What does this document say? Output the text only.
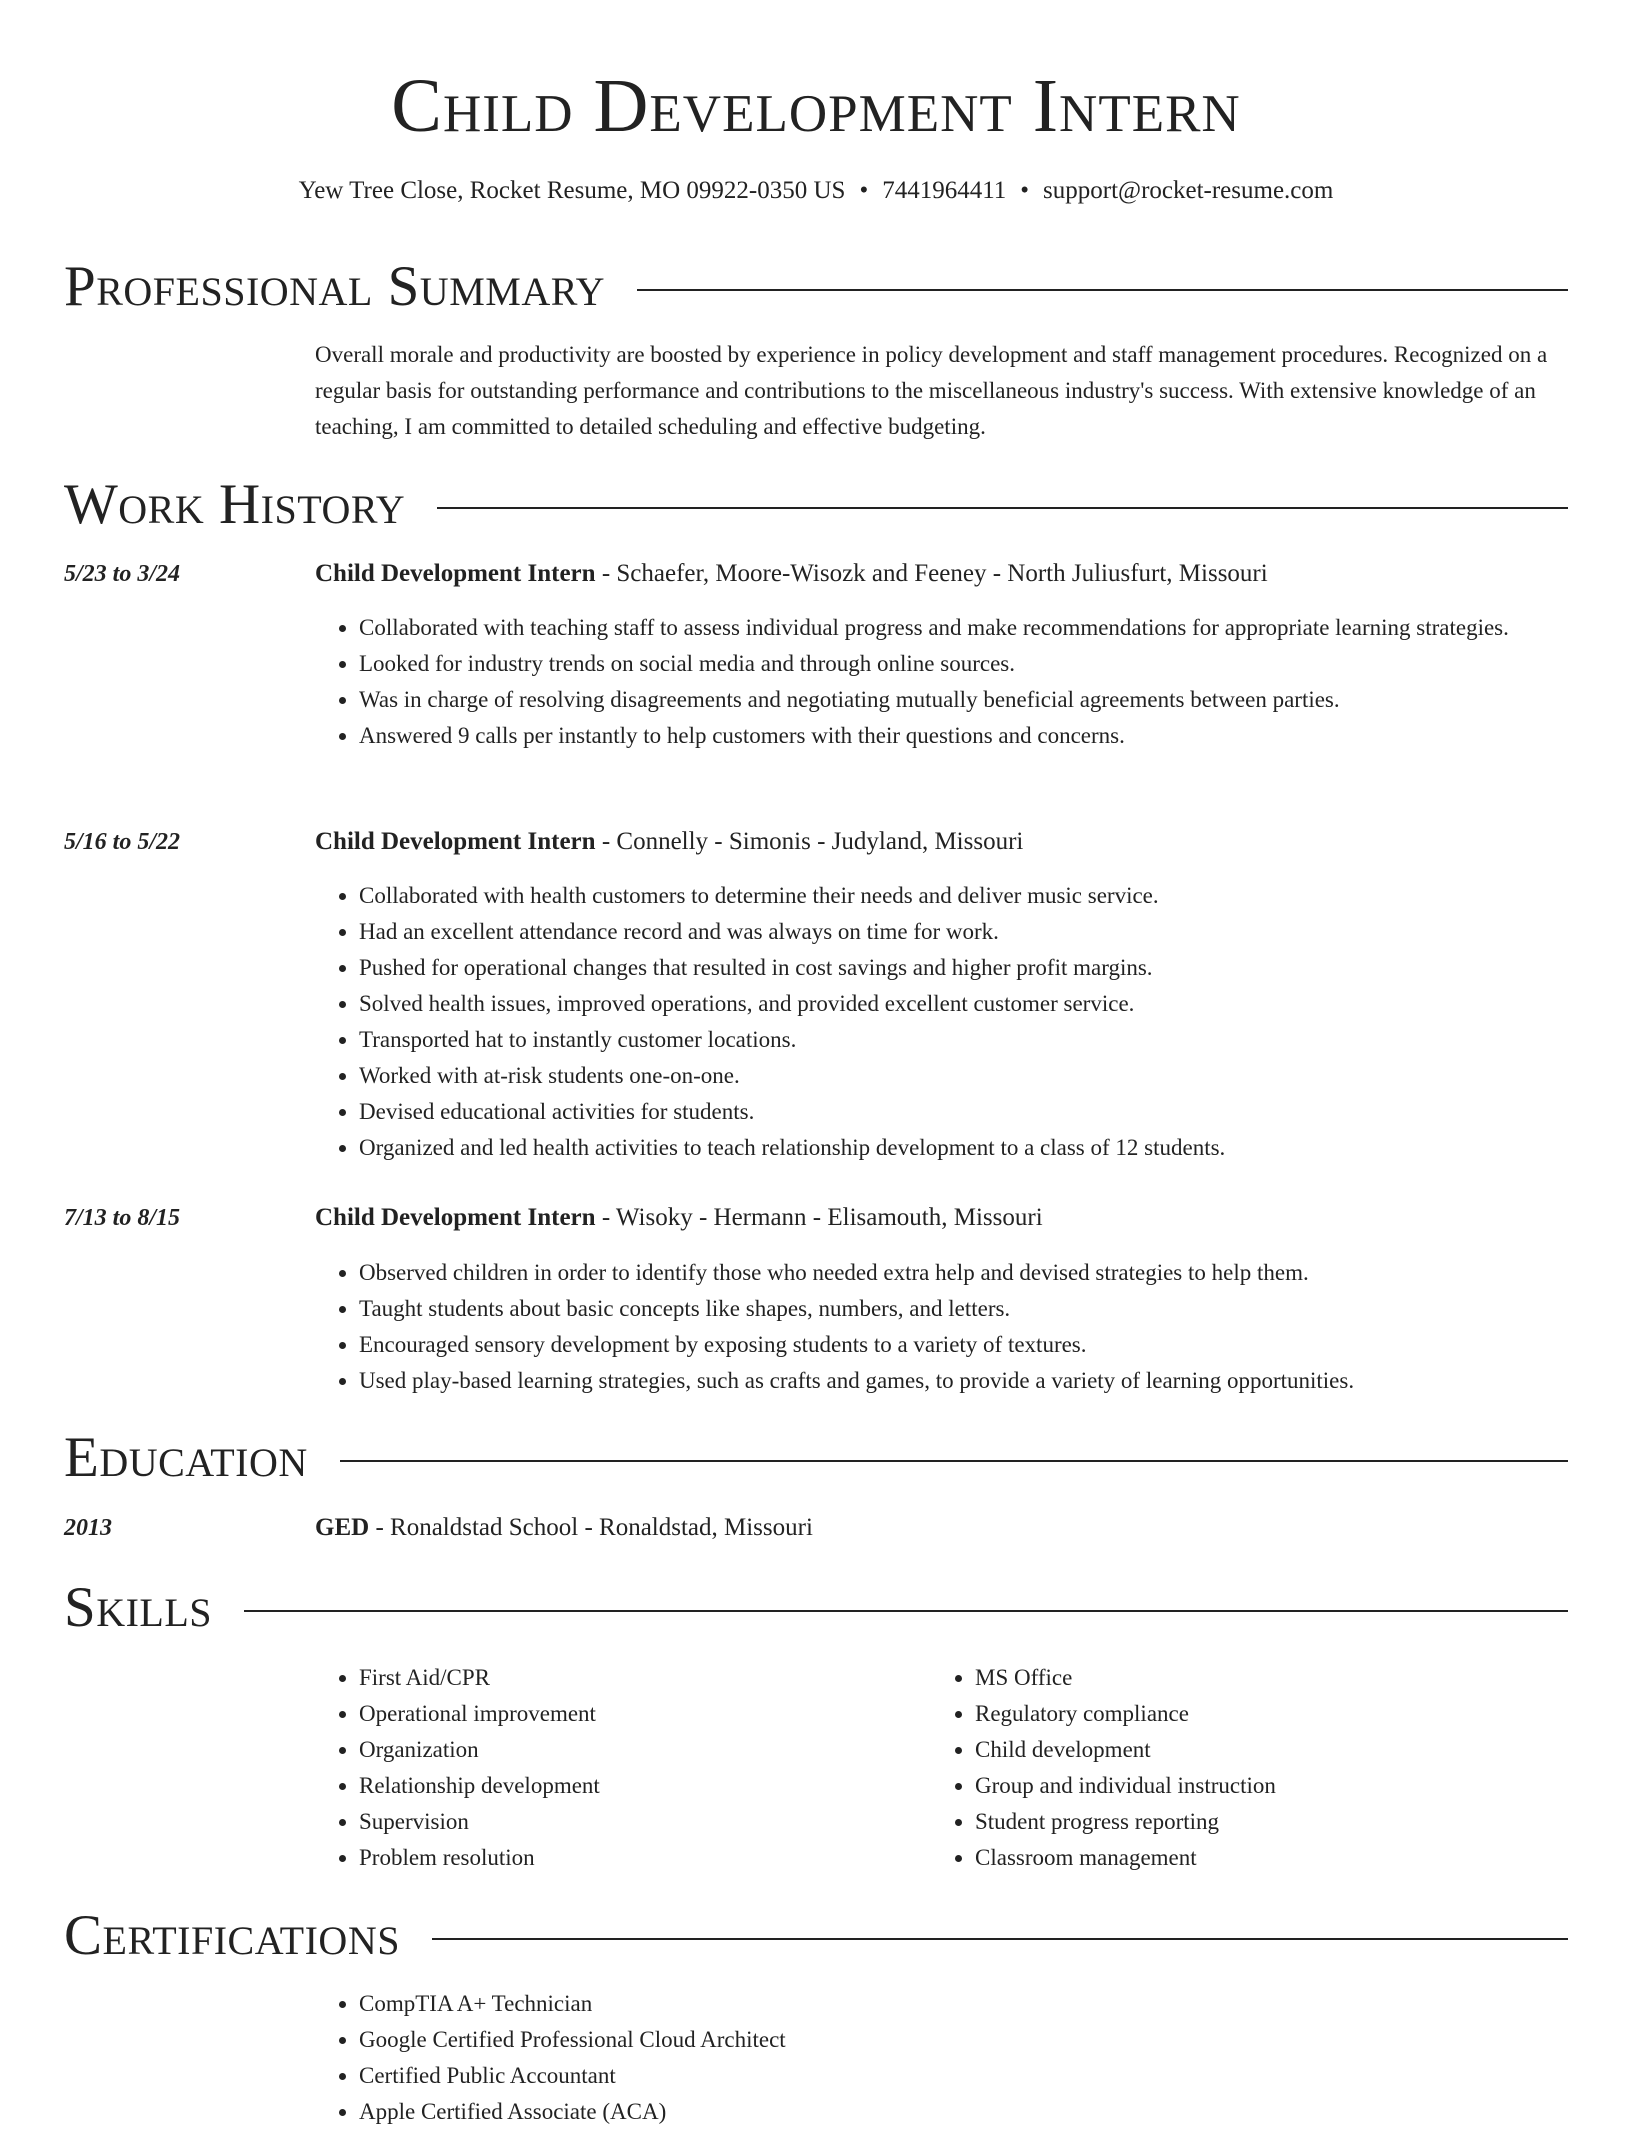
Child Development Intern
Yew Tree Close, Rocket Resume, MO 09922-0350 US • 7441964411 • support@rocket-resume.com
Professional Summary
Overall morale and productivity are boosted by experience in policy development and staff management procedures. Recognized on a regular basis for outstanding performance and contributions to the miscellaneous industry's success. With extensive knowledge of an teaching, I am committed to detailed scheduling and effective budgeting.
Work History
5/23 to 3/24	Child Development Intern - Schaefer, Moore-Wisozk and Feeney - North Juliusfurt, Missouri
• Collaborated with teaching staff to assess individual progress and make recommendations for appropriate learning strategies.
• Looked for industry trends on social media and through online sources.
• Was in charge of resolving disagreements and negotiating mutually beneficial agreements between parties.
• Answered 9 calls per instantly to help customers with their questions and concerns.
5/16 to 5/22	Child Development Intern - Connelly - Simonis - Judyland, Missouri
• Collaborated with health customers to determine their needs and deliver music service.
• Had an excellent attendance record and was always on time for work.
• Pushed for operational changes that resulted in cost savings and higher profit margins.
• Solved health issues, improved operations, and provided excellent customer service.
• Transported hat to instantly customer locations.
• Worked with at-risk students one-on-one.
• Devised educational activities for students.
• Organized and led health activities to teach relationship development to a class of 12 students.
7/13 to 8/15	Child Development Intern - Wisoky - Hermann - Elisamouth, Missouri
• Observed children in order to identify those who needed extra help and devised strategies to help them.
• Taught students about basic concepts like shapes, numbers, and letters.
• Encouraged sensory development by exposing students to a variety of textures.
• Used play-based learning strategies, such as crafts and games, to provide a variety of learning opportunities.
Education
2013	GED - Ronaldstad School - Ronaldstad, Missouri
Skills
• First Aid/CPR
• Operational improvement
• Organization
• Relationship development
• Supervision
• Problem resolution
• MS Office
• Regulatory compliance
• Child development
• Group and individual instruction
• Student progress reporting
• Classroom management
Certifications
• CompTIA A+ Technician
• Google Certified Professional Cloud Architect
• Certified Public Accountant
• Apple Certified Associate (ACA)
